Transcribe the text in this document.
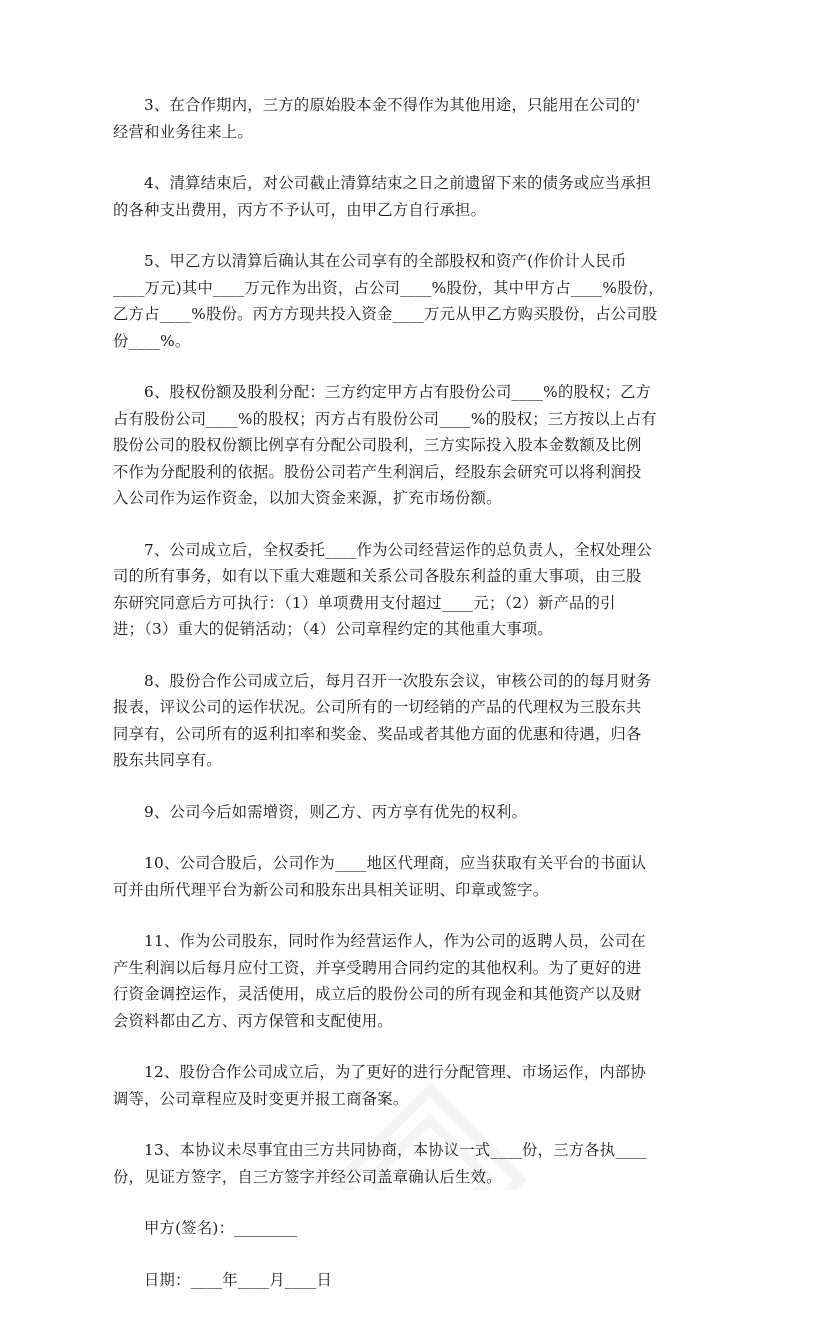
3、在合作期内，三方的原始股本金不得作为其他用途，只能用在公司的'
经营和业务往来上。

4、清算结束后，对公司截止清算结束之日之前遗留下来的债务或应当承担
的各种支出费用，丙方不予认可，由甲乙方自行承担。

5、甲乙方以清算后确认其在公司享有的全部股权和资产(作价计人民币
____万元)其中____万元作为出资，占公司____%股份，其中甲方占____%股份，
乙方占____%股份。丙方方现共投入资金____万元从甲乙方购买股份，占公司股
份____%。

6、股权份额及股利分配：三方约定甲方占有股份公司____%的股权；乙方
占有股份公司____%的股权；丙方占有股份公司____%的股权；三方按以上占有
股份公司的股权份额比例享有分配公司股利，三方实际投入股本金数额及比例
不作为分配股利的依据。股份公司若产生利润后，经股东会研究可以将利润投
入公司作为运作资金，以加大资金来源，扩充市场份额。

7、公司成立后，全权委托____作为公司经营运作的总负责人，全权处理公
司的所有事务，如有以下重大难题和关系公司各股东利益的重大事项，由三股
东研究同意后方可执行：（1）单项费用支付超过____元；（2）新产品的引
进；（3）重大的促销活动；（4）公司章程约定的其他重大事项。

8、股份合作公司成立后，每月召开一次股东会议，审核公司的的每月财务
报表，评议公司的运作状况。公司所有的一切经销的产品的代理权为三股东共
同享有，公司所有的返利扣率和奖金、奖品或者其他方面的优惠和待遇，归各
股东共同享有。

9、公司今后如需增资，则乙方、丙方享有优先的权利。

10、公司合股后，公司作为____地区代理商，应当获取有关平台的书面认
可并由所代理平台为新公司和股东出具相关证明、印章或签字。

11、作为公司股东，同时作为经营运作人，作为公司的返聘人员，公司在
产生利润以后每月应付工资，并享受聘用合同约定的其他权利。为了更好的进
行资金调控运作，灵活使用，成立后的股份公司的所有现金和其他资产以及财
会资料都由乙方、丙方保管和支配使用。

12、股份合作公司成立后，为了更好的进行分配管理、市场运作，内部协
调等，公司章程应及时变更并报工商备案。

13、本协议未尽事宜由三方共同协商，本协议一式____份，三方各执____
份，见证方签字，自三方签字并经公司盖章确认后生效。

甲方(签名)：________

日期：____年____月____日
